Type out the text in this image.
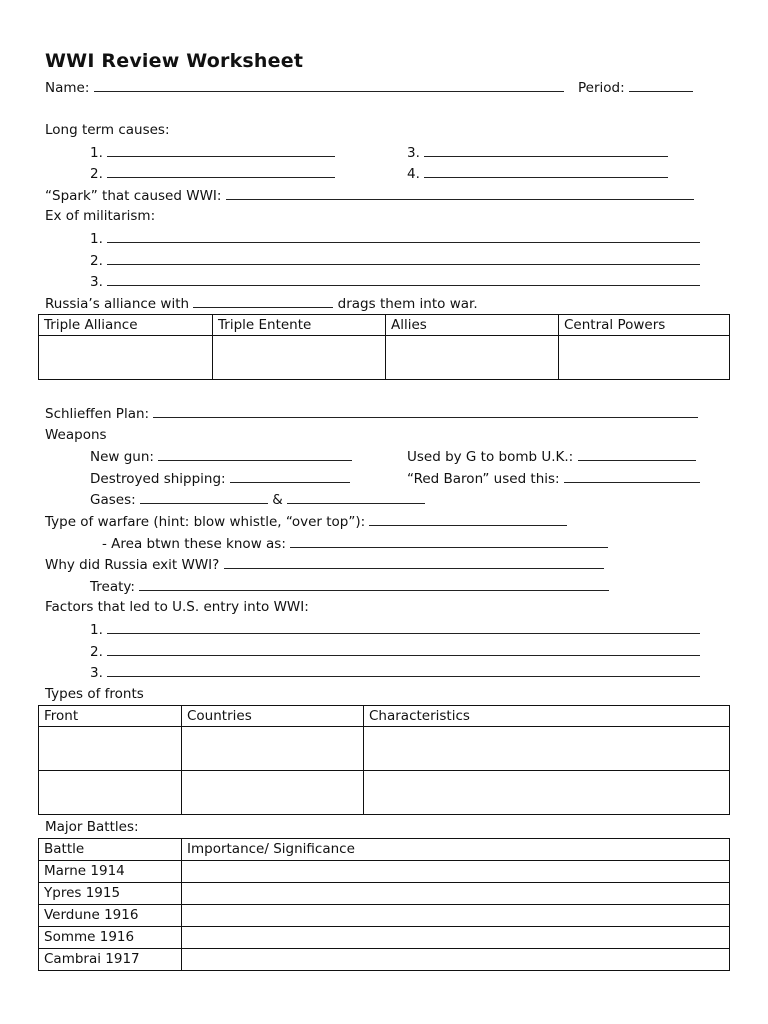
WWI Review Worksheet
Name:	Period:
Long term causes:
1.	3.
2.	4.
“Spark” that caused WWI:
Ex of militarism:
1.
2.
3.
Russia’s alliance with	drags them into war.
Triple Alliance	Triple Entente	Allies	Central Powers

Schlieffen Plan:
Weapons
New gun:	Used by G to bomb U.K.:
Destroyed shipping:	“Red Baron” used this:
Gases:	&
Type of warfare (hint: blow whistle, “over top”):
- Area btwn these know as:
Why did Russia exit WWI?
Treaty:
Factors that led to U.S. entry into WWI:
1.
2.
3.
Types of fronts
Front	Countries	Characteristics

Major Battles:
Battle	Importance/ Significance
Marne 1914	
Ypres 1915	
Verdune 1916	
Somme 1916	
Cambrai 1917	
